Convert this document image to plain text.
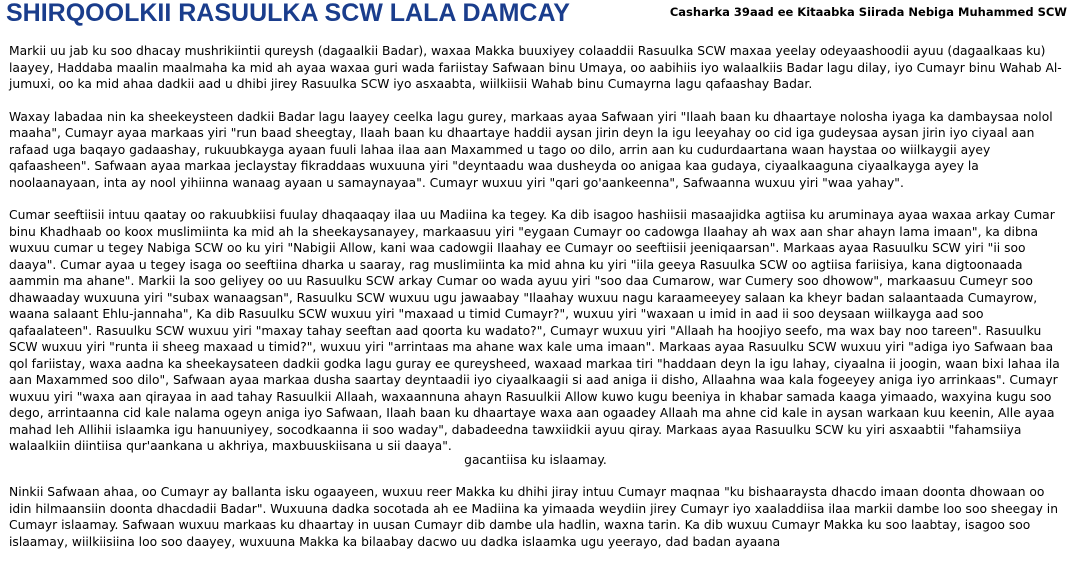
SHIRQOOLKII RASUULKA SCW LALA DAMCAY	Casharka 39aad ee Kitaabka Siirada Nebiga Muhammed SCW

Markii uu jab ku soo dhacay mushrikiintii qureysh (dagaalkii Badar), waxaa Makka buuxiyey colaaddii Rasuulka SCW maxaa yeelay odeyaashoodii ayuu (dagaalkaas ku) laayey, Haddaba maalin maalmaha ka mid ah ayaa waxaa guri wada fariistay Safwaan binu Umaya, oo aabihiis iyo walaalkiis Badar lagu dilay, iyo Cumayr binu Wahab Al-jumuxi, oo ka mid ahaa dadkii aad u dhibi jirey Rasuulka SCW iyo asxaabta, wiilkiisii Wahab binu Cumayrna lagu qafaashay Badar.

Waxay labadaa nin ka sheekeysteen dadkii Badar lagu laayey ceelka lagu gurey, markaas ayaa Safwaan yiri "Ilaah baan ku dhaartaye nolosha iyaga ka dambaysaa nolol maaha", Cumayr ayaa markaas yiri "run baad sheegtay, Ilaah baan ku dhaartaye haddii aysan jirin deyn la igu leeyahay oo cid iga gudeysaa aysan jirin iyo ciyaal aan rafaad uga baqayo gadaashay, rukuubkayga ayaan fuuli lahaa ilaa aan Maxammed u tago oo dilo, arrin aan ku cudurdaartana waan haystaa oo wiilkaygii ayey qafaasheen". Safwaan ayaa markaa jeclaystay fikraddaas wuxuuna yiri "deyntaadu waa dusheyda oo anigaa kaa gudaya, ciyaalkaaguna ciyaalkayga ayey la noolaanayaan, inta ay nool yihiinna wanaag ayaan u samaynayaa". Cumayr wuxuu yiri "qari go'aankeenna", Safwaanna wuxuu yiri "waa yahay".

Cumar seeftiisii intuu qaatay oo rakuubkiisi fuulay dhaqaaqay ilaa uu Madiina ka tegey. Ka dib isagoo hashiisii masaajidka agtiisa ku aruminaya ayaa waxaa arkay Cumar binu Khadhaab oo koox muslimiinta ka mid ah la sheekaysanayey, markaasuu yiri "eygaan Cumayr oo cadowga Ilaahay ah wax aan shar ahayn lama imaan", ka dibna wuxuu cumar u tegey Nabiga SCW oo ku yiri "Nabigii Allow, kani waa cadowgii Ilaahay ee Cumayr oo seeftiisii jeeniqaarsan". Markaas ayaa Rasuulku SCW yiri "ii soo daaya". Cumar ayaa u tegey isaga oo seeftiina dharka u saaray, rag muslimiinta ka mid ahna ku yiri "iila geeya Rasuulka SCW oo agtiisa fariisiya, kana digtoonaada aammin ma ahane". Markii la soo geliyey oo uu Rasuulku SCW arkay Cumar oo wada ayuu yiri "soo daa Cumarow, war Cumery soo dhowow", markaasuu Cumeyr soo dhawaaday wuxuuna yiri "subax wanaagsan", Rasuulku SCW wuxuu ugu jawaabay "Ilaahay wuxuu nagu karaameeyey salaan ka kheyr badan salaantaada Cumayrow, waana salaant Ehlu-jannaha", Ka dib Rasuulku SCW wuxuu yiri "maxaad u timid Cumayr?", wuxuu yiri "waxaan u imid in aad ii soo deysaan wiilkayga aad soo qafaalateen". Rasuulku SCW wuxuu yiri "maxay tahay seeftan aad qoorta ku wadato?", Cumayr wuxuu yiri "Allaah ha hoojiyo seefo, ma wax bay noo tareen". Rasuulku SCW wuxuu yiri "runta ii sheeg maxaad u timid?", wuxuu yiri "arrintaas ma ahane wax kale uma imaan". Markaas ayaa Rasuulku SCW wuxuu yiri "adiga iyo Safwaan baa qol fariistay, waxa aadna ka sheekaysateen dadkii godka lagu guray ee qureysheed, waxaad markaa tiri "haddaan deyn la igu lahay, ciyaalna ii joogin, waan bixi lahaa ila aan Maxammed soo dilo", Safwaan ayaa markaa dusha saartay deyntaadii iyo ciyaalkaagii si aad aniga ii disho, Allaahna waa kala fogeeyey aniga iyo arrinkaas". Cumayr wuxuu yiri "waxa aan qirayaa in aad tahay Rasuulkii Allaah, waxaannuna ahayn Rasuulkii Allow kuwo kugu beeniya in khabar samada kaaga yimaado, waxyina kugu soo dego, arrintaanna cid kale nalama ogeyn aniga iyo Safwaan, Ilaah baan ku dhaartaye waxa aan ogaadey Allaah ma ahne cid kale in aysan warkaan kuu keenin, Alle ayaa mahad leh Allihii islaamka igu hanuuniyey, socodkaanna ii soo waday", dabadeedna tawxiidkii ayuu qiray. Markaas ayaa Rasuulku SCW ku yiri asxaabtii "fahamsiiya walaalkiin diintiisa qur'aankana u akhriya, maxbuuskiisana u sii daaya".

gacantiisa ku islaamay.

Ninkii Safwaan ahaa, oo Cumayr ay ballanta isku ogaayeen, wuxuu reer Makka ku dhihi jiray intuu Cumayr maqnaa "ku bishaaraysta dhacdo imaan doonta dhowaan oo idin hilmaansiin doonta dhacdadii Badar". Wuxuuna dadka socotada ah ee Madiina ka yimaada weydiin jirey Cumayr iyo xaaladdiisa ilaa markii dambe loo soo sheegay in Cumayr islaamay. Safwaan wuxuu markaas ku dhaartay in uusan Cumayr dib dambe ula hadlin, waxna tarin. Ka dib wuxuu Cumayr Makka ku soo laabtay, isagoo soo islaamay, wiilkiisiina loo soo daayey, wuxuuna Makka ka bilaabay dacwo uu dadka islaamka ugu yeerayo, dad badan ayaana
